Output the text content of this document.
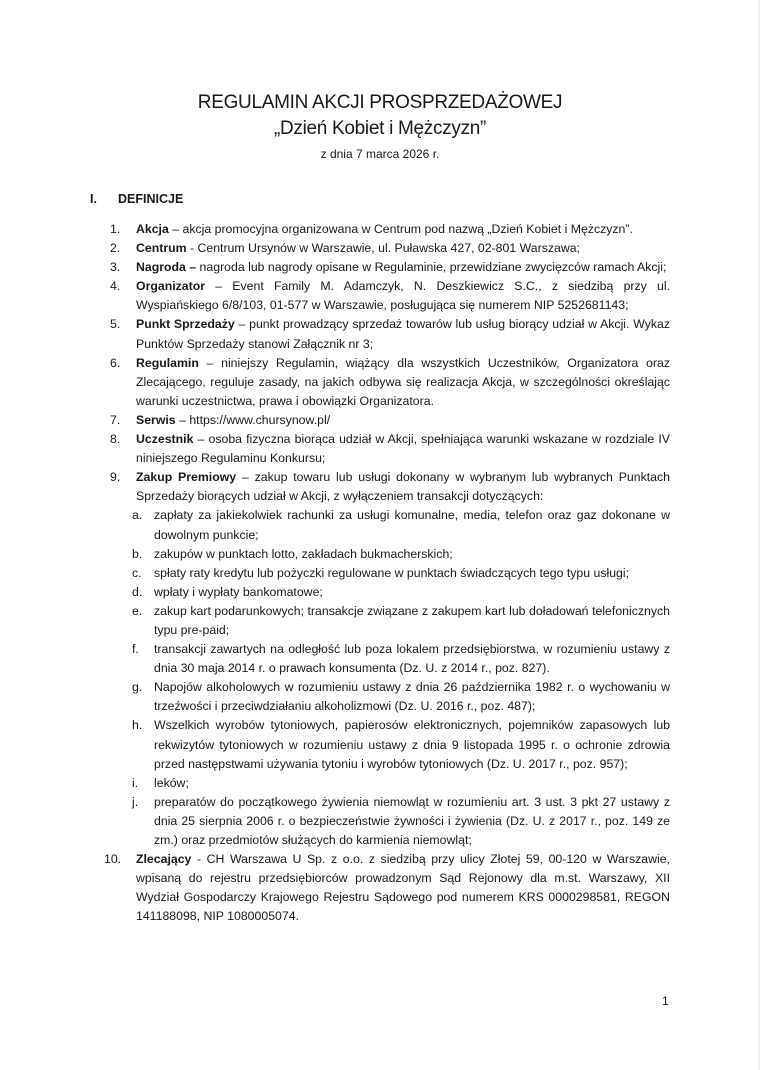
REGULAMIN AKCJI PROSPRZEDAŻOWEJ
„Dzień Kobiet i Mężczyzn”
z dnia 7 marca 2026 r.
I. DEFINICJE
1. Akcja – akcja promocyjna organizowana w Centrum pod nazwą „Dzień Kobiet i Mężczyzn”.
2. Centrum - Centrum Ursynów w Warszawie, ul. Puławska 427, 02-801 Warszawa;
3. Nagroda – nagroda lub nagrody opisane w Regulaminie, przewidziane zwycięzców ramach Akcji;
4. Organizator – Event Family M. Adamczyk, N. Deszkiewicz S.C., z siedzibą przy ul. Wyspiańskiego 6/8/103, 01-577 w Warszawie, posługująca się numerem NIP 5252681143;
5. Punkt Sprzedaży – punkt prowadzący sprzedaż towarów lub usług biorący udział w Akcji. Wykaz Punktów Sprzedaży stanowi Załącznik nr 3;
6. Regulamin – niniejszy Regulamin, wiążący dla wszystkich Uczestników, Organizatora oraz Zlecającego, reguluje zasady, na jakich odbywa się realizacja Akcja, w szczególności określając warunki uczestnictwa, prawa i obowiązki Organizatora.
7. Serwis – https://www.chursynow.pl/
8. Uczestnik – osoba fizyczna biorąca udział w Akcji, spełniająca warunki wskazane w rozdziale IV niniejszego Regulaminu Konkursu;
9. Zakup Premiowy – zakup towaru lub usługi dokonany w wybranym lub wybranych Punktach Sprzedaży biorących udział w Akcji, z wyłączeniem transakcji dotyczących:
a. zapłaty za jakiekolwiek rachunki za usługi komunalne, media, telefon oraz gaz dokonane w dowolnym punkcie;
b. zakupów w punktach lotto, zakładach bukmacherskich;
c. spłaty raty kredytu lub pożyczki regulowane w punktach świadczących tego typu usługi;
d. wpłaty i wypłaty bankomatowe;
e. zakup kart podarunkowych; transakcje związane z zakupem kart lub doładowań telefonicznych typu pre-paid;
f. transakcji zawartych na odległość lub poza lokalem przedsiębiorstwa, w rozumieniu ustawy z dnia 30 maja 2014 r. o prawach konsumenta (Dz. U. z 2014 r., poz. 827).
g. Napojów alkoholowych w rozumieniu ustawy z dnia 26 października 1982 r. o wychowaniu w trzeźwości i przeciwdziałaniu alkoholizmowi (Dz. U. 2016 r., poz. 487);
h. Wszelkich wyrobów tytoniowych, papierosów elektronicznych, pojemników zapasowych lub rekwizytów tytoniowych w rozumieniu ustawy z dnia 9 listopada 1995 r. o ochronie zdrowia przed następstwami używania tytoniu i wyrobów tytoniowych (Dz. U. 2017 r., poz. 957);
i. leków;
j. preparatów do początkowego żywienia niemowląt w rozumieniu art. 3 ust. 3 pkt 27 ustawy z dnia 25 sierpnia 2006 r. o bezpieczeństwie żywności i żywienia (Dz. U. z 2017 r., poz. 149 ze zm.) oraz przedmiotów służących do karmienia niemowląt;
10. Zlecający - CH Warszawa U Sp. z o.o. z siedzibą przy ulicy Złotej 59, 00-120 w Warszawie, wpisaną do rejestru przedsiębiorców prowadzonym Sąd Rejonowy dla m.st. Warszawy, XII Wydział Gospodarczy Krajowego Rejestru Sądowego pod numerem KRS 0000298581, REGON 141188098, NIP 1080005074.
1
